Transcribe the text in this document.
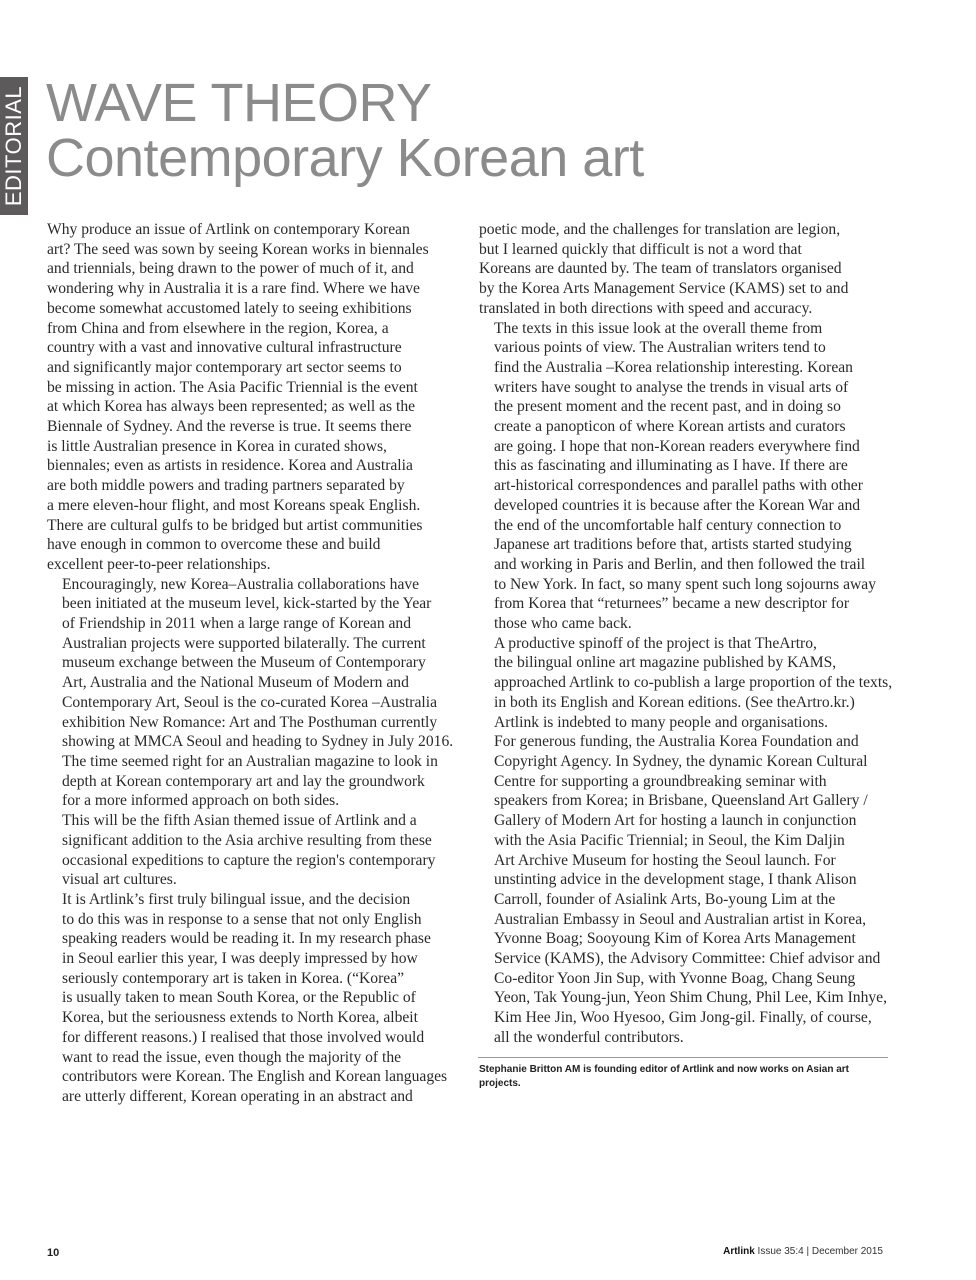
EDITORIAL WAVE THEORY
Contemporary Korean art

Why produce an issue of Artlink on contemporary Korean
art? The seed was sown by seeing Korean works in biennales
and triennials, being drawn to the power of much of it, and
wondering why in Australia it is a rare find. Where we have
become somewhat accustomed lately to seeing exhibitions
from China and from elsewhere in the region, Korea, a
country with a vast and innovative cultural infrastructure
and significantly major contemporary art sector seems to
be missing in action. The Asia Pacific Triennial is the event
at which Korea has always been represented; as well as the
Biennale of Sydney. And the reverse is true. It seems there
is little Australian presence in Korea in curated shows,
biennales; even as artists in residence. Korea and Australia
are both middle powers and trading partners separated by
a mere eleven-hour flight, and most Koreans speak English.
There are cultural gulfs to be bridged but artist communities
have enough in common to overcome these and build
excellent peer-to-peer relationships.

Encouragingly, new Korea–Australia collaborations have
been initiated at the museum level, kick-started by the Year
of Friendship in 2011 when a large range of Korean and
Australian projects were supported bilaterally. The current
museum exchange between the Museum of Contemporary
Art, Australia and the National Museum of Modern and
Contemporary Art, Seoul is the co-curated Korea –Australia
exhibition New Romance: Art and The Posthuman currently
showing at MMCA Seoul and heading to Sydney in July 2016.
The time seemed right for an Australian magazine to look in
depth at Korean contemporary art and lay the groundwork
for a more informed approach on both sides.

This will be the fifth Asian themed issue of Artlink and a
significant addition to the Asia archive resulting from these
occasional expeditions to capture the region's contemporary
visual art cultures.

It is Artlink’s first truly bilingual issue, and the decision
to do this was in response to a sense that not only English
speaking readers would be reading it. In my research phase
in Seoul earlier this year, I was deeply impressed by how
seriously contemporary art is taken in Korea. (“Korea”
is usually taken to mean South Korea, or the Republic of
Korea, but the seriousness extends to North Korea, albeit
for different reasons.) I realised that those involved would
want to read the issue, even though the majority of the
contributors were Korean. The English and Korean languages
are utterly different, Korean operating in an abstract and

poetic mode, and the challenges for translation are legion,
but I learned quickly that difficult is not a word that
Koreans are daunted by. The team of translators organised
by the Korea Arts Management Service (KAMS) set to and
translated in both directions with speed and accuracy.

The texts in this issue look at the overall theme from
various points of view. The Australian writers tend to
find the Australia –Korea relationship interesting. Korean
writers have sought to analyse the trends in visual arts of
the present moment and the recent past, and in doing so
create a panopticon of where Korean artists and curators
are going. I hope that non-Korean readers everywhere find
this as fascinating and illuminating as I have. If there are
art-historical correspondences and parallel paths with other
developed countries it is because after the Korean War and
the end of the uncomfortable half century connection to
Japanese art traditions before that, artists started studying
and working in Paris and Berlin, and then followed the trail
to New York. In fact, so many spent such long sojourns away
from Korea that “returnees” became a new descriptor for
those who came back.

A productive spinoff of the project is that TheArtro,
the bilingual online art magazine published by KAMS,
approached Artlink to co-publish a large proportion of the texts,
in both its English and Korean editions. (See theArtro.kr.)

Artlink is indebted to many people and organisations.
For generous funding, the Australia Korea Foundation and
Copyright Agency. In Sydney, the dynamic Korean Cultural
Centre for supporting a groundbreaking seminar with
speakers from Korea; in Brisbane, Queensland Art Gallery /
Gallery of Modern Art for hosting a launch in conjunction
with the Asia Pacific Triennial; in Seoul, the Kim Daljin
Art Archive Museum for hosting the Seoul launch. For
unstinting advice in the development stage, I thank Alison
Carroll, founder of Asialink Arts, Bo-young Lim at the
Australian Embassy in Seoul and Australian artist in Korea,
Yvonne Boag; Sooyoung Kim of Korea Arts Management
Service (KAMS), the Advisory Committee: Chief advisor and
Co-editor Yoon Jin Sup, with Yvonne Boag, Chang Seung
Yeon, Tak Young-jun, Yeon Shim Chung, Phil Lee, Kim Inhye,
Kim Hee Jin, Woo Hyesoo, Gim Jong-gil. Finally, of course,
all the wonderful contributors.

Stephanie Britton AM is founding editor of Artlink and now works on Asian art projects.
10	Artlink Issue 35:4 | December 2015
